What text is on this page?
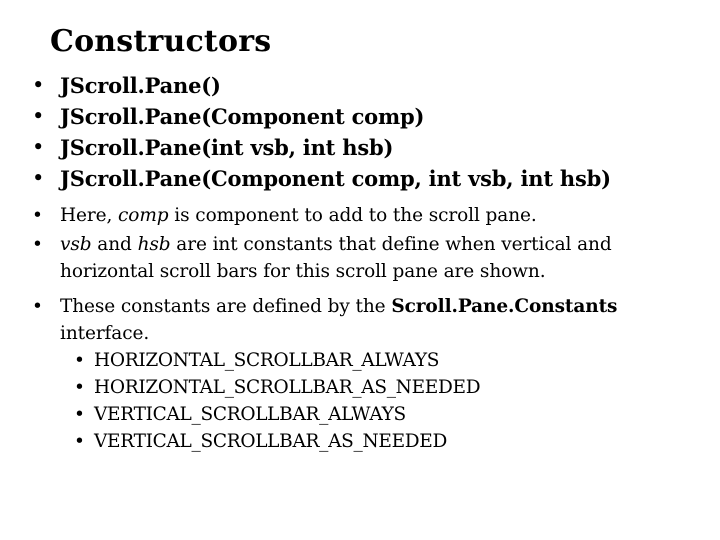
Constructors
• JScroll.Pane()
• JScroll.Pane(Component comp)
• JScroll.Pane(int vsb, int hsb)
• JScroll.Pane(Component comp, int vsb, int hsb)
• Here, comp is component to add to the scroll pane.
• vsb and hsb are int constants that define when vertical and horizontal scroll bars for this scroll pane are shown.
• These constants are defined by the Scroll.Pane.Constants interface.
• HORIZONTAL_SCROLLBAR_ALWAYS
• HORIZONTAL_SCROLLBAR_AS_NEEDED
• VERTICAL_SCROLLBAR_ALWAYS
• VERTICAL_SCROLLBAR_AS_NEEDED
